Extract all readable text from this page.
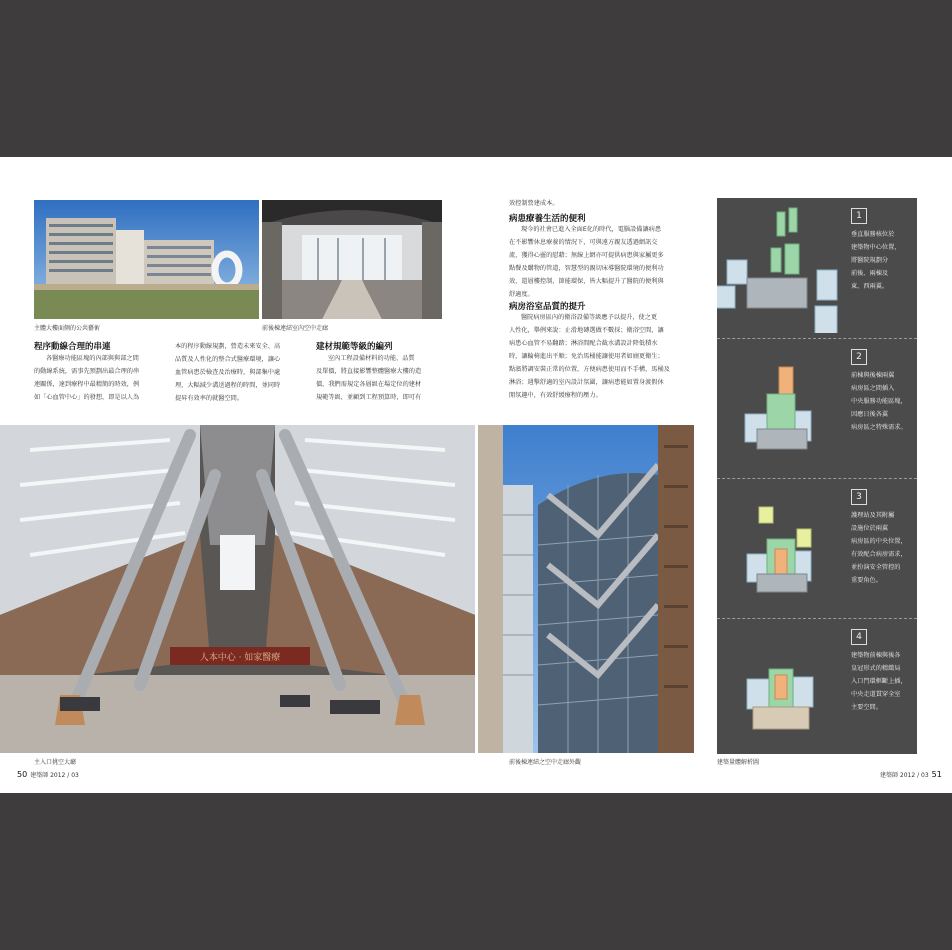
主體大樓面側的公共藝術	前後棟連結室內空中走廊
程序動線合理的串連
各醫療功能區塊的內部與與部之間
的動線系統，需事先預劃出最合理的串
連關係，達到療程中最精簡的時效，例
如「心血管中心」的發想，即是以人為
本的程序動線規劃，營造未來安全、高
品質及人性化的整合式醫療環境，讓心
血管病患於檢查及治療時，與部集中處
理，大幅減少溝送過程的時間，並同時
提昇有效率的就醫空間。
建材規範等級的編列
室內工程設備材料的功能、品質
及單價，將直接影響整體醫療大樓的造
價，我們需規定各層級在場定位的建材
規範等級，並顧到工程預算時，即可有
效控制營建成本。
病患療養生活的便利
現今的社會已進入全面E化的時代，電腦設備讓病患
在不影響休息療養的情況下，可與遠方親友透過網訊交
流，獲得心靈的慰藉；無線上網亦可提供病患與家屬更多
點餐及購物的管道，智慧型的親切床導醫院環境的便利功
效，還層樓控制，節能環保，皆大幅提升了醫院的便利與
舒適度。
病房浴室品質的提升
醫院病房區內的衛浴設備等級應予以提升，使之更
人性化，舉例來說：止滑地磚選做不數採；衛浴空間，讓
病患心血管不易翻踏；淋浴間配合截水溝設計降低積水
時，讓輪椅進出平順；免治馬桶能讓使用者如廁更衛生；
點濱將調安裝正常的位置，方便病患使用而不手構，馬桶及
淋浴；週擊舒適的室內設計氛圍，讓病患能如置身渡假休
閒氛趣中，有效舒緩療程的壓力。
人本中心 · 如家醫療
主入口挑空大廳	前後棟連結之空中走廊外觀
1
垂直服務核位於
建築物中心位置，
將醫院規劃分
前後、兩棟及
東、西兩翼。
2
前棟與後棟兩翼
病房區之間插入
中央服務功能區塊，
因應日後各翼
病房區之特殊需求。
3
護理站及其附屬
設施位於兩翼
病房區的中央位置，
有效配合病房需求，
並扮演安全管控的
重要角色。
4
建築物前棟與後各
皇冠形式的精緻局
入口門環框斷上插，
中央走道貫穿全室
主要空間。
建築量體解析圖
50 建築師 2012 / 03	建築師 2012 / 03 51
